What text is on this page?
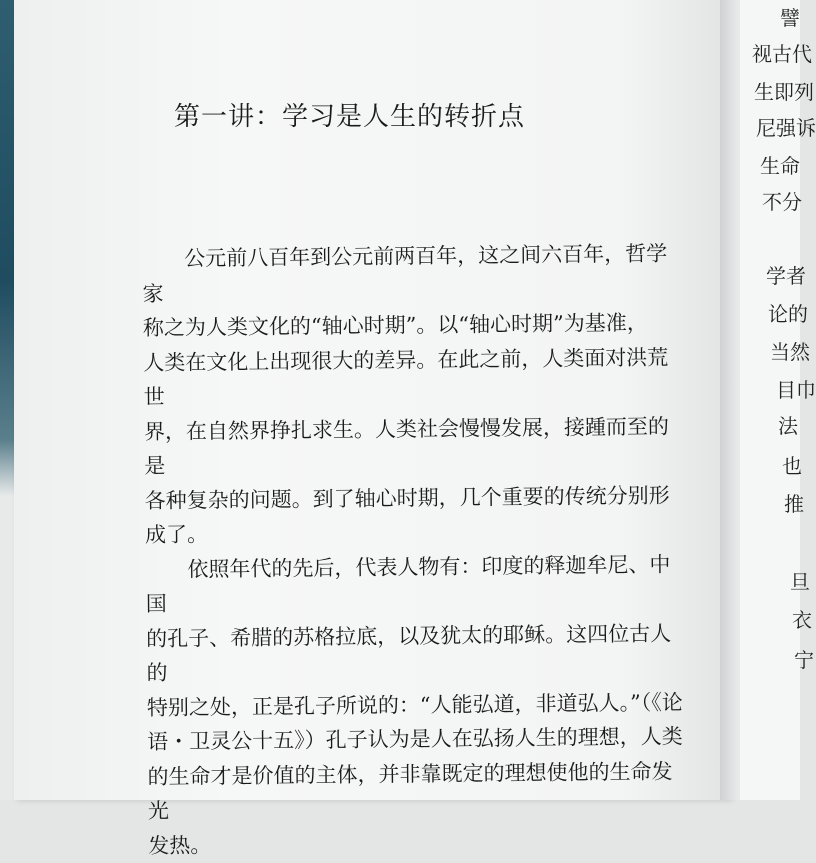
第一讲：学习是人生的转折点

公元前八百年到公元前两百年，这之间六百年，哲学家
称之为人类文化的“轴心时期”。以“轴心时期”为基准，
人类在文化上出现很大的差异。在此之前，人类面对洪荒世
界，在自然界挣扎求生。人类社会慢慢发展，接踵而至的是
各种复杂的问题。到了轴心时期，几个重要的传统分别形
成了。

依照年代的先后，代表人物有：印度的释迦牟尼、中国
的孔子、希腊的苏格拉底，以及犹太的耶稣。这四位古人的
特别之处，正是孔子所说的：“人能弘道，非道弘人。”（《论
语・卫灵公十五》）孔子认为是人在弘扬人生的理想，人类
的生命才是价值的主体，并非靠既定的理想使他的生命发光
发热。

譬
视古代
生即列
尼强诉
生命
不分
学者
论的
当然
目巾
法
也
推
旦
衣
宁
